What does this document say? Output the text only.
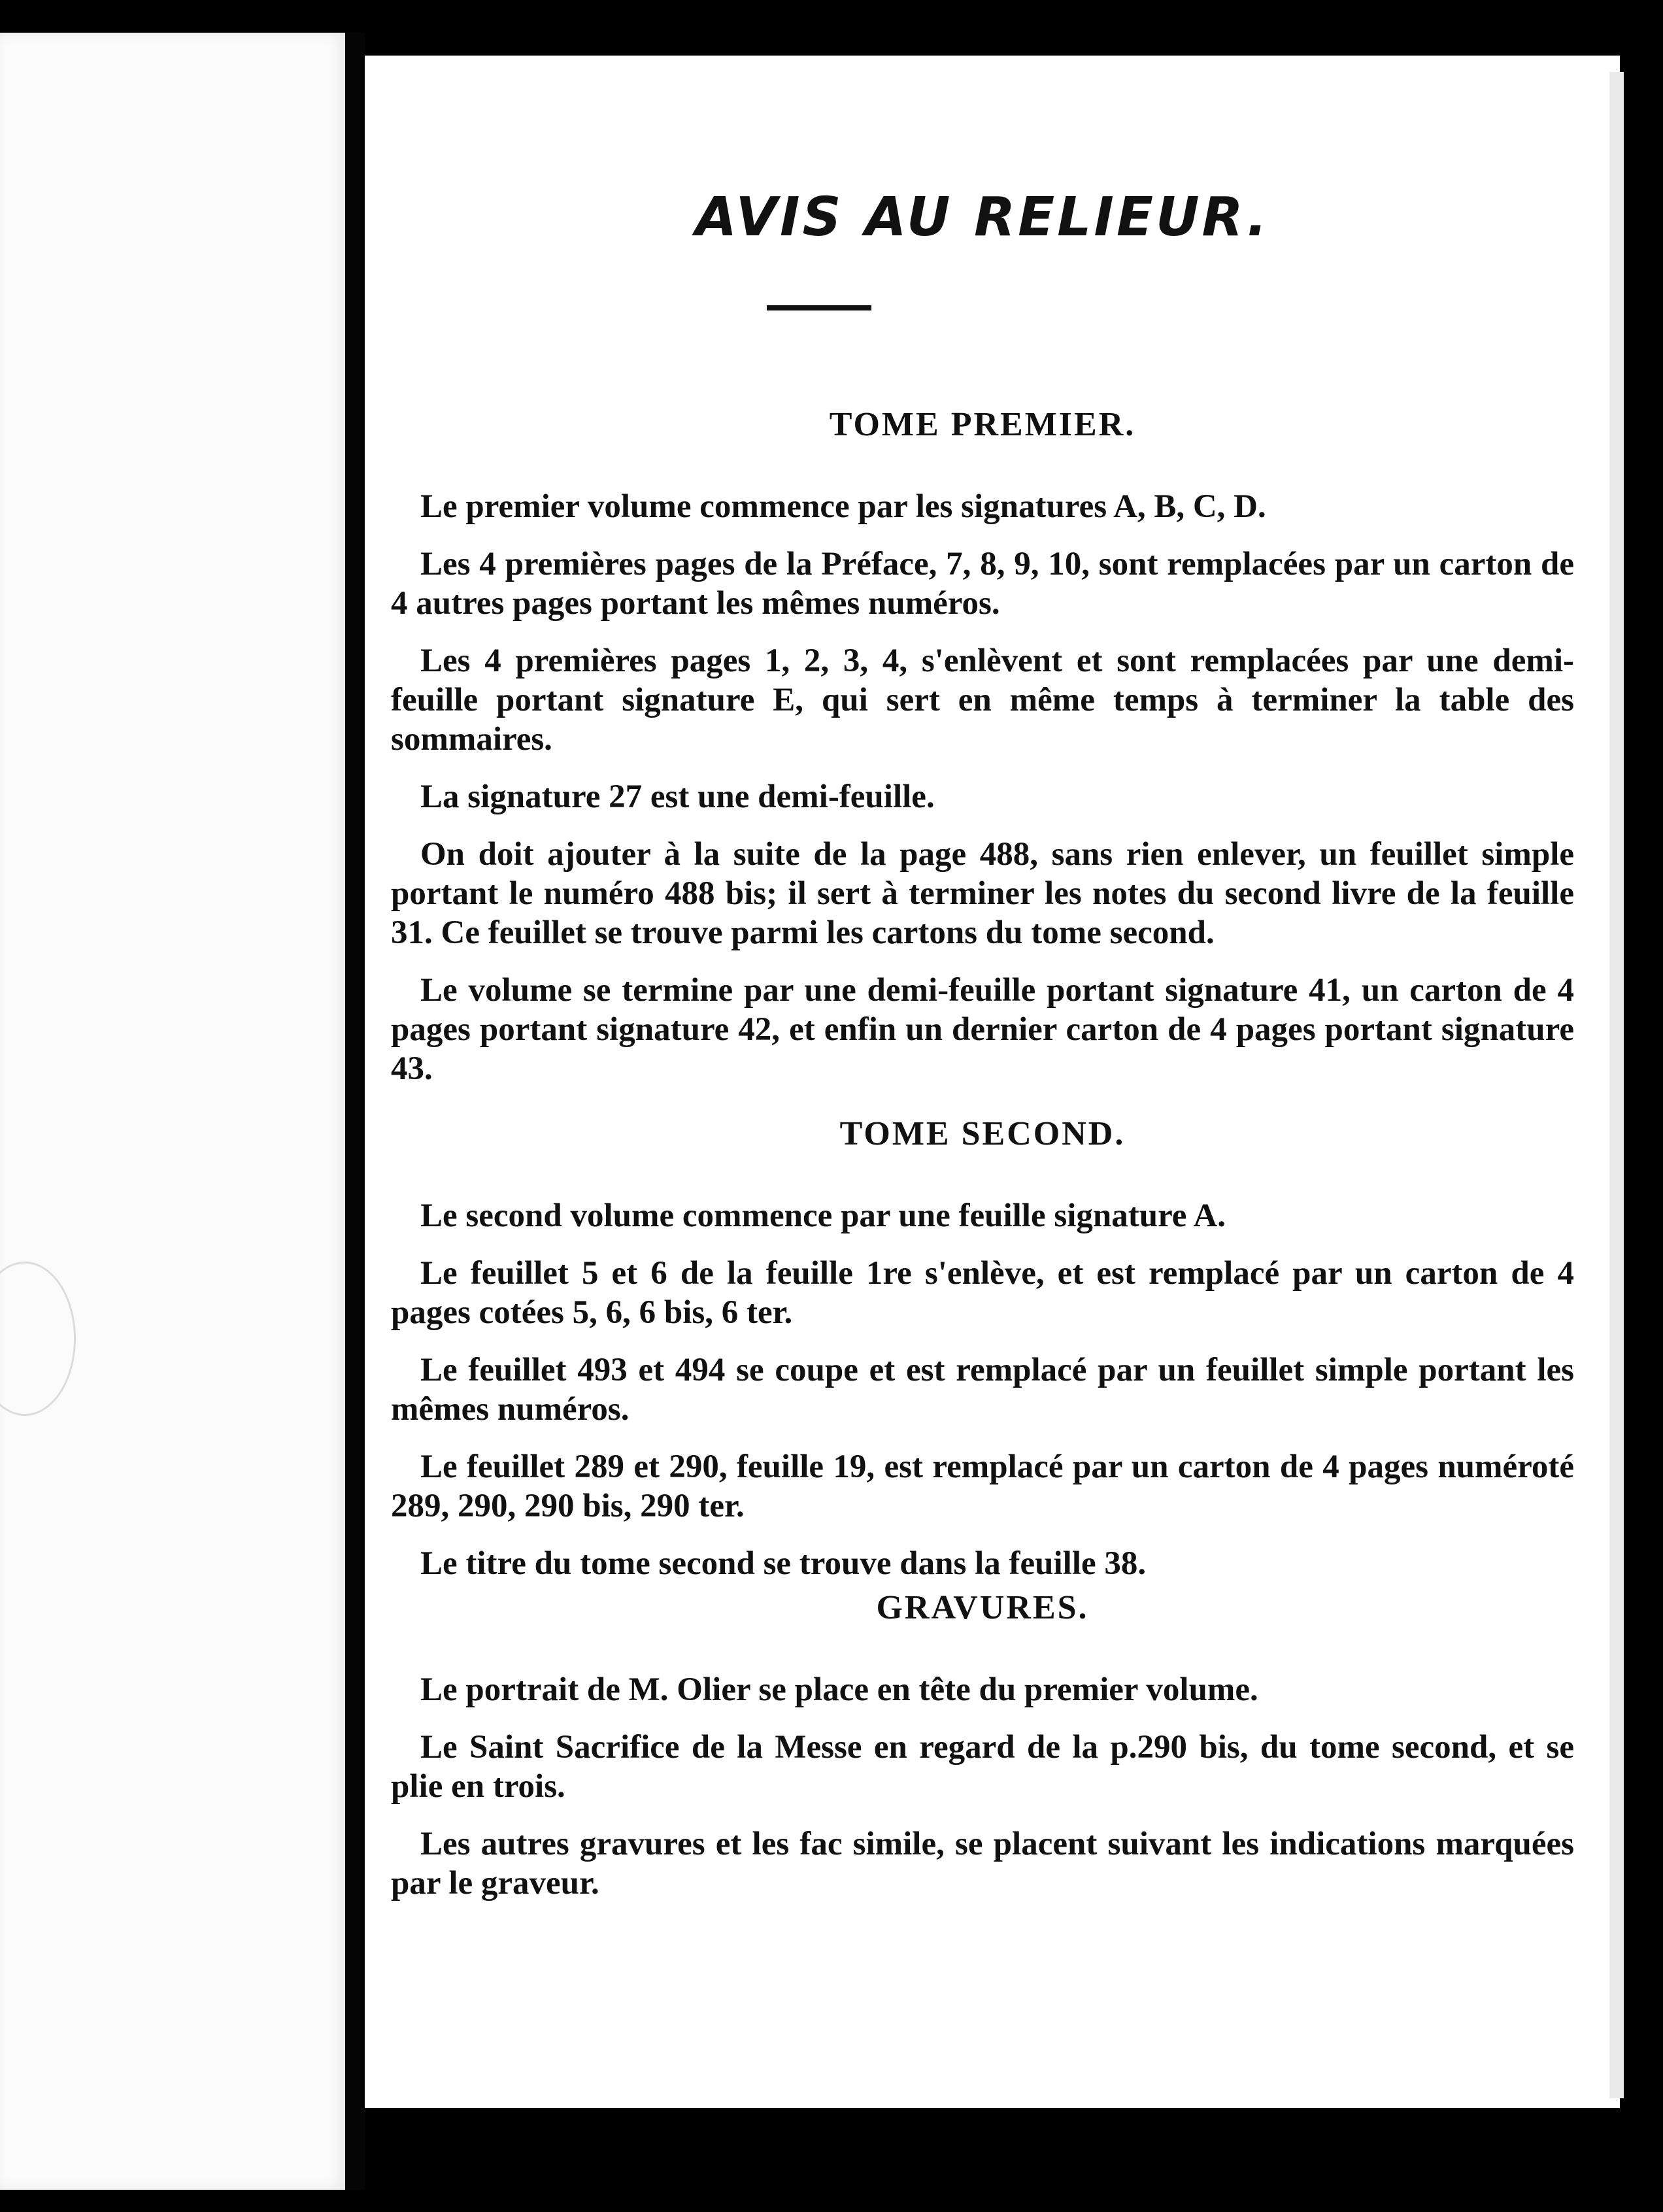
AVIS AU RELIEUR.
TOME PREMIER.

Le premier volume commence par les signatures A, B, C, D.

Les 4 premières pages de la Préface, 7, 8, 9, 10, sont remplacées par un carton de 4 autres pages portant les mêmes numéros.

Les 4 premières pages 1, 2, 3, 4, s'enlèvent et sont remplacées par une demi-feuille portant signature E, qui sert en même temps à terminer la table des sommaires.

La signature 27 est une demi-feuille.

On doit ajouter à la suite de la page 488, sans rien enlever, un feuillet simple portant le numéro 488 bis; il sert à terminer les notes du second livre de la feuille 31. Ce feuillet se trouve parmi les cartons du tome second.

Le volume se termine par une demi-feuille portant signature 41, un carton de 4 pages portant signature 42, et enfin un dernier carton de 4 pages portant signature 43.

TOME SECOND.

Le second volume commence par une feuille signature A.

Le feuillet 5 et 6 de la feuille 1re s'enlève, et est remplacé par un carton de 4 pages cotées 5, 6, 6 bis, 6 ter.

Le feuillet 493 et 494 se coupe et est remplacé par un feuillet simple portant les mêmes numéros.

Le feuillet 289 et 290, feuille 19, est remplacé par un carton de 4 pages numéroté 289, 290, 290 bis, 290 ter.

Le titre du tome second se trouve dans la feuille 38.

GRAVURES.

Le portrait de M. Olier se place en tête du premier volume.

Le Saint Sacrifice de la Messe en regard de la p.290 bis, du tome second, et se plie en trois.

Les autres gravures et les fac simile, se placent suivant les indications marquées par le graveur.
